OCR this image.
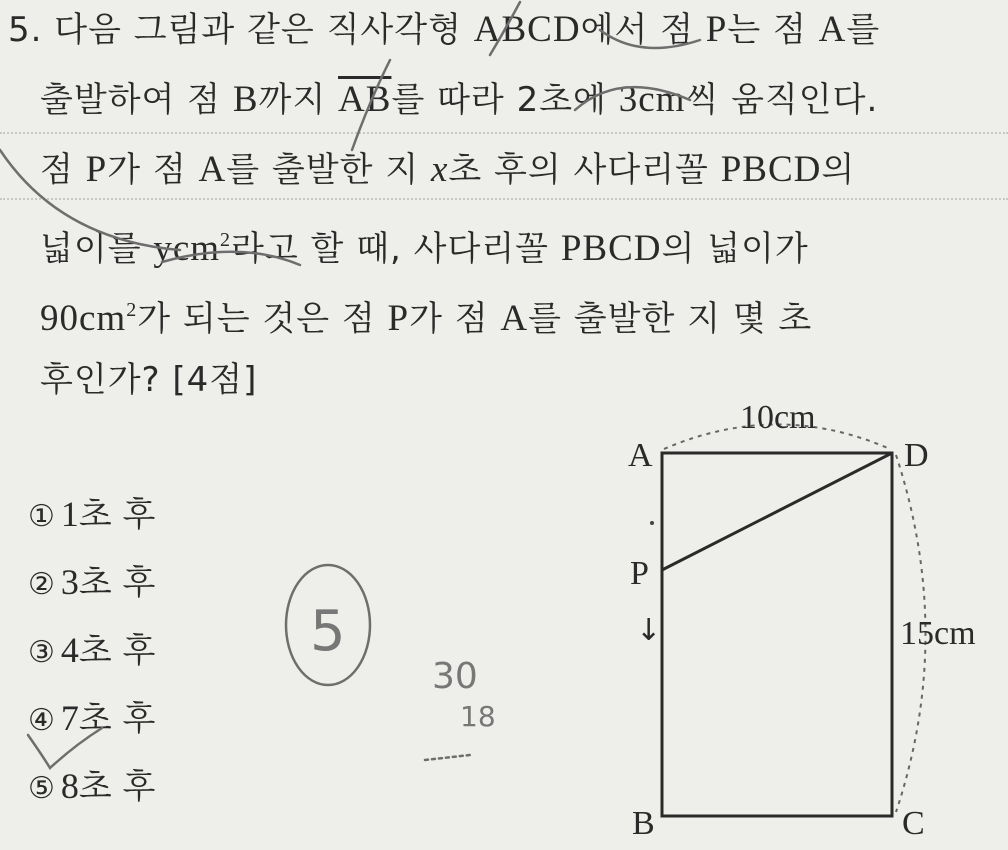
5. 다음 그림과 같은 직사각형 ABCD에서 점 P는 점 A를
출발하여 점 B까지 $\overline{AB}$를 따라 2초에 3cm씩 움직인다.
점 P가 점 A를 출발한 지 x초 후의 사다리꼴 PBCD의
넓이를 ycm$^2$라고 할 때, 사다리꼴 PBCD의 넓이가
$90cm^2$가 되는 것은 점 P가 점 A를 출발한 지 몇 초
후인가? [4점]
① 1초 후
② 3초 후
③ 4초 후
④ 7초 후
⑤ 8초 후
A	D
P
↓
B	C
10cm
15cm
5
30
18
